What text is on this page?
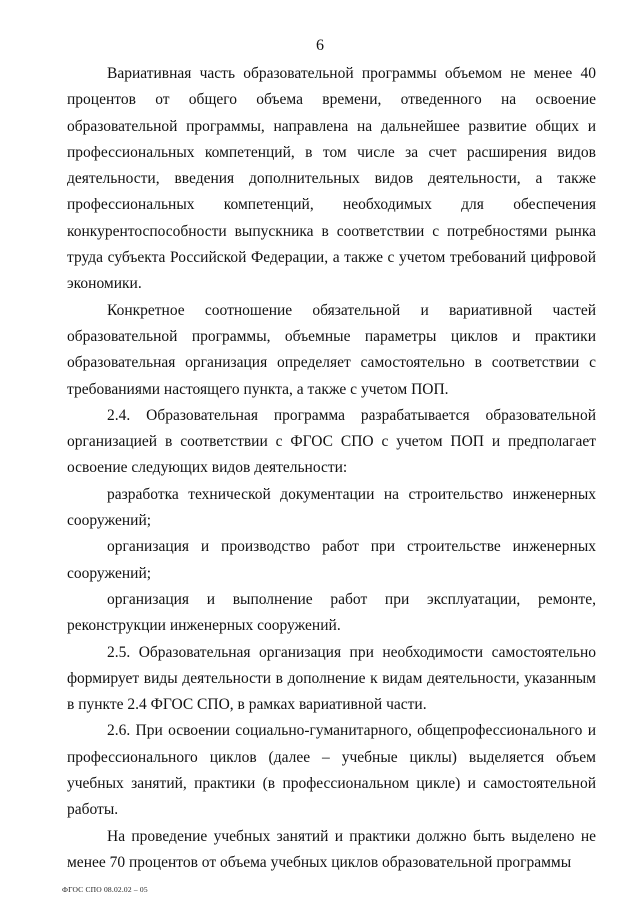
6

Вариативная часть образовательной программы объемом не менее 40 процентов от общего объема времени, отведенного на освоение образовательной программы, направлена на дальнейшее развитие общих и профессиональных компетенций, в том числе за счет расширения видов деятельности, введения дополнительных видов деятельности, а также профессиональных компетенций, необходимых для обеспечения конкурентоспособности выпускника в соответствии с потребностями рынка труда субъекта Российской Федерации, а также с учетом требований цифровой экономики.

Конкретное соотношение обязательной и вариативной частей образовательной программы, объемные параметры циклов и практики образовательная организация определяет самостоятельно в соответствии с требованиями настоящего пункта, а также с учетом ПОП.

2.4. Образовательная программа разрабатывается образовательной организацией в соответствии с ФГОС СПО с учетом ПОП и предполагает освоение следующих видов деятельности:

разработка технической документации на строительство инженерных сооружений;

организация и производство работ при строительстве инженерных сооружений;

организация и выполнение работ при эксплуатации, ремонте, реконструкции инженерных сооружений.

2.5. Образовательная организация при необходимости самостоятельно формирует виды деятельности в дополнение к видам деятельности, указанным в пункте 2.4 ФГОС СПО, в рамках вариативной части.

2.6. При освоении социально-гуманитарного, общепрофессионального и профессионального циклов (далее – учебные циклы) выделяется объем учебных занятий, практики (в профессиональном цикле) и самостоятельной работы.

На проведение учебных занятий и практики должно быть выделено не менее 70 процентов от объема учебных циклов образовательной программы

ФГОС СПО 08.02.02 – 05
